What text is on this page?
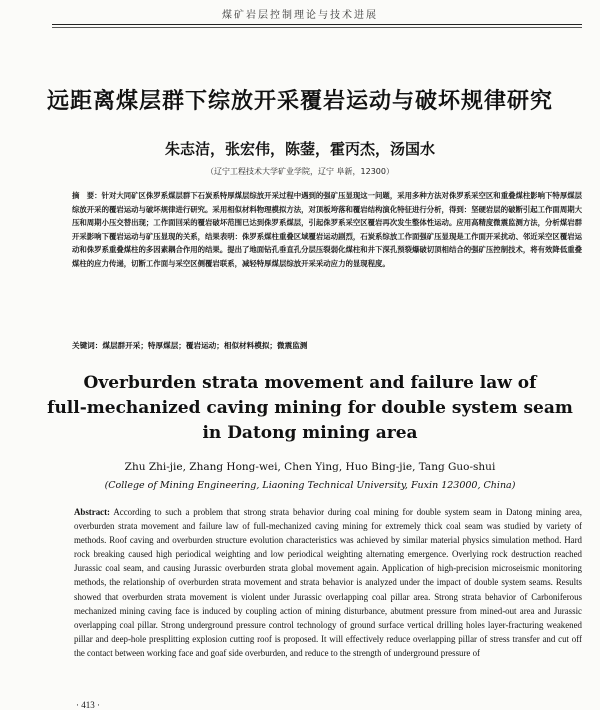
煤矿岩层控制理论与技术进展
远距离煤层群下综放开采覆岩运动与破坏规律研究
朱志洁，张宏伟，陈蓥，霍丙杰，汤国水
（辽宁工程技术大学矿业学院，辽宁 阜新，12300）
摘　要：针对大同矿区侏罗系煤层群下石炭系特厚煤层综放开采过程中遇到的强矿压显现这一问题，采用多种方法对侏罗系采空区和重叠煤柱影响下特厚煤层综放开采的覆岩运动与破坏规律进行研究。采用相似材料物理模拟方法，对顶板垮落和覆岩结构演化特征进行分析，得到：坚硬岩层的破断引起工作面周期大压和周期小压交替出现；工作面回采的覆岩破坏范围已达到侏罗系煤层，引起侏罗系采空区覆岩再次发生整体性运动。应用高精度微震监测方法，分析煤岩群开采影响下覆岩运动与矿压显现的关系，结果表明：侏罗系煤柱重叠区域覆岩运动剧烈，石炭系综放工作面强矿压显现是工作面开采扰动、邻近采空区覆岩运动和侏罗系重叠煤柱的多因素耦合作用的结果。提出了地面钻孔垂直孔分层压裂弱化煤柱和井下深孔预裂爆破切顶相结合的强矿压控制技术，将有效降低重叠煤柱的应力传递，切断工作面与采空区侧覆岩联系，减轻特厚煤层综放开采采动应力的显现程度。
关键词：煤层群开采；特厚煤层；覆岩运动；相似材料模拟；微震监测
Overburden strata movement and failure law of
full-mechanized caving mining for double system seam
in Datong mining area
Zhu Zhi-jie, Zhang Hong-wei, Chen Ying, Huo Bing-jie, Tang Guo-shui
(College of Mining Engineering, Liaoning Technical University, Fuxin 123000, China)
Abstract: According to such a problem that strong strata behavior during coal mining for double system seam in Datong mining area, overburden strata movement and failure law of full-mechanized caving mining for extremely thick coal seam was studied by variety of methods. Roof caving and overburden structure evolution characteristics was achieved by similar material physics simulation method. Hard rock breaking caused high periodical weighting and low periodical weighting alternating emergence. Overlying rock destruction reached Jurassic coal seam, and causing Jurassic overburden strata global movement again. Application of high-precision microseismic monitoring methods, the relationship of overburden strata movement and strata behavior is analyzed under the impact of double system seams. Results showed that overburden strata movement is violent under Jurassic overlapping coal pillar area. Strong strata behavior of Carboniferous mechanized mining caving face is induced by coupling action of mining disturbance, abutment pressure from mined-out area and Jurassic overlapping coal pillar. Strong underground pressure control technology of ground surface vertical drilling holes layer-fracturing weakened pillar and deep-hole presplitting explosion cutting roof is proposed. It will effectively reduce overlapping pillar of stress transfer and cut off the contact between working face and goaf side overburden, and reduce to the strength of underground pressure of
· 413 ·
